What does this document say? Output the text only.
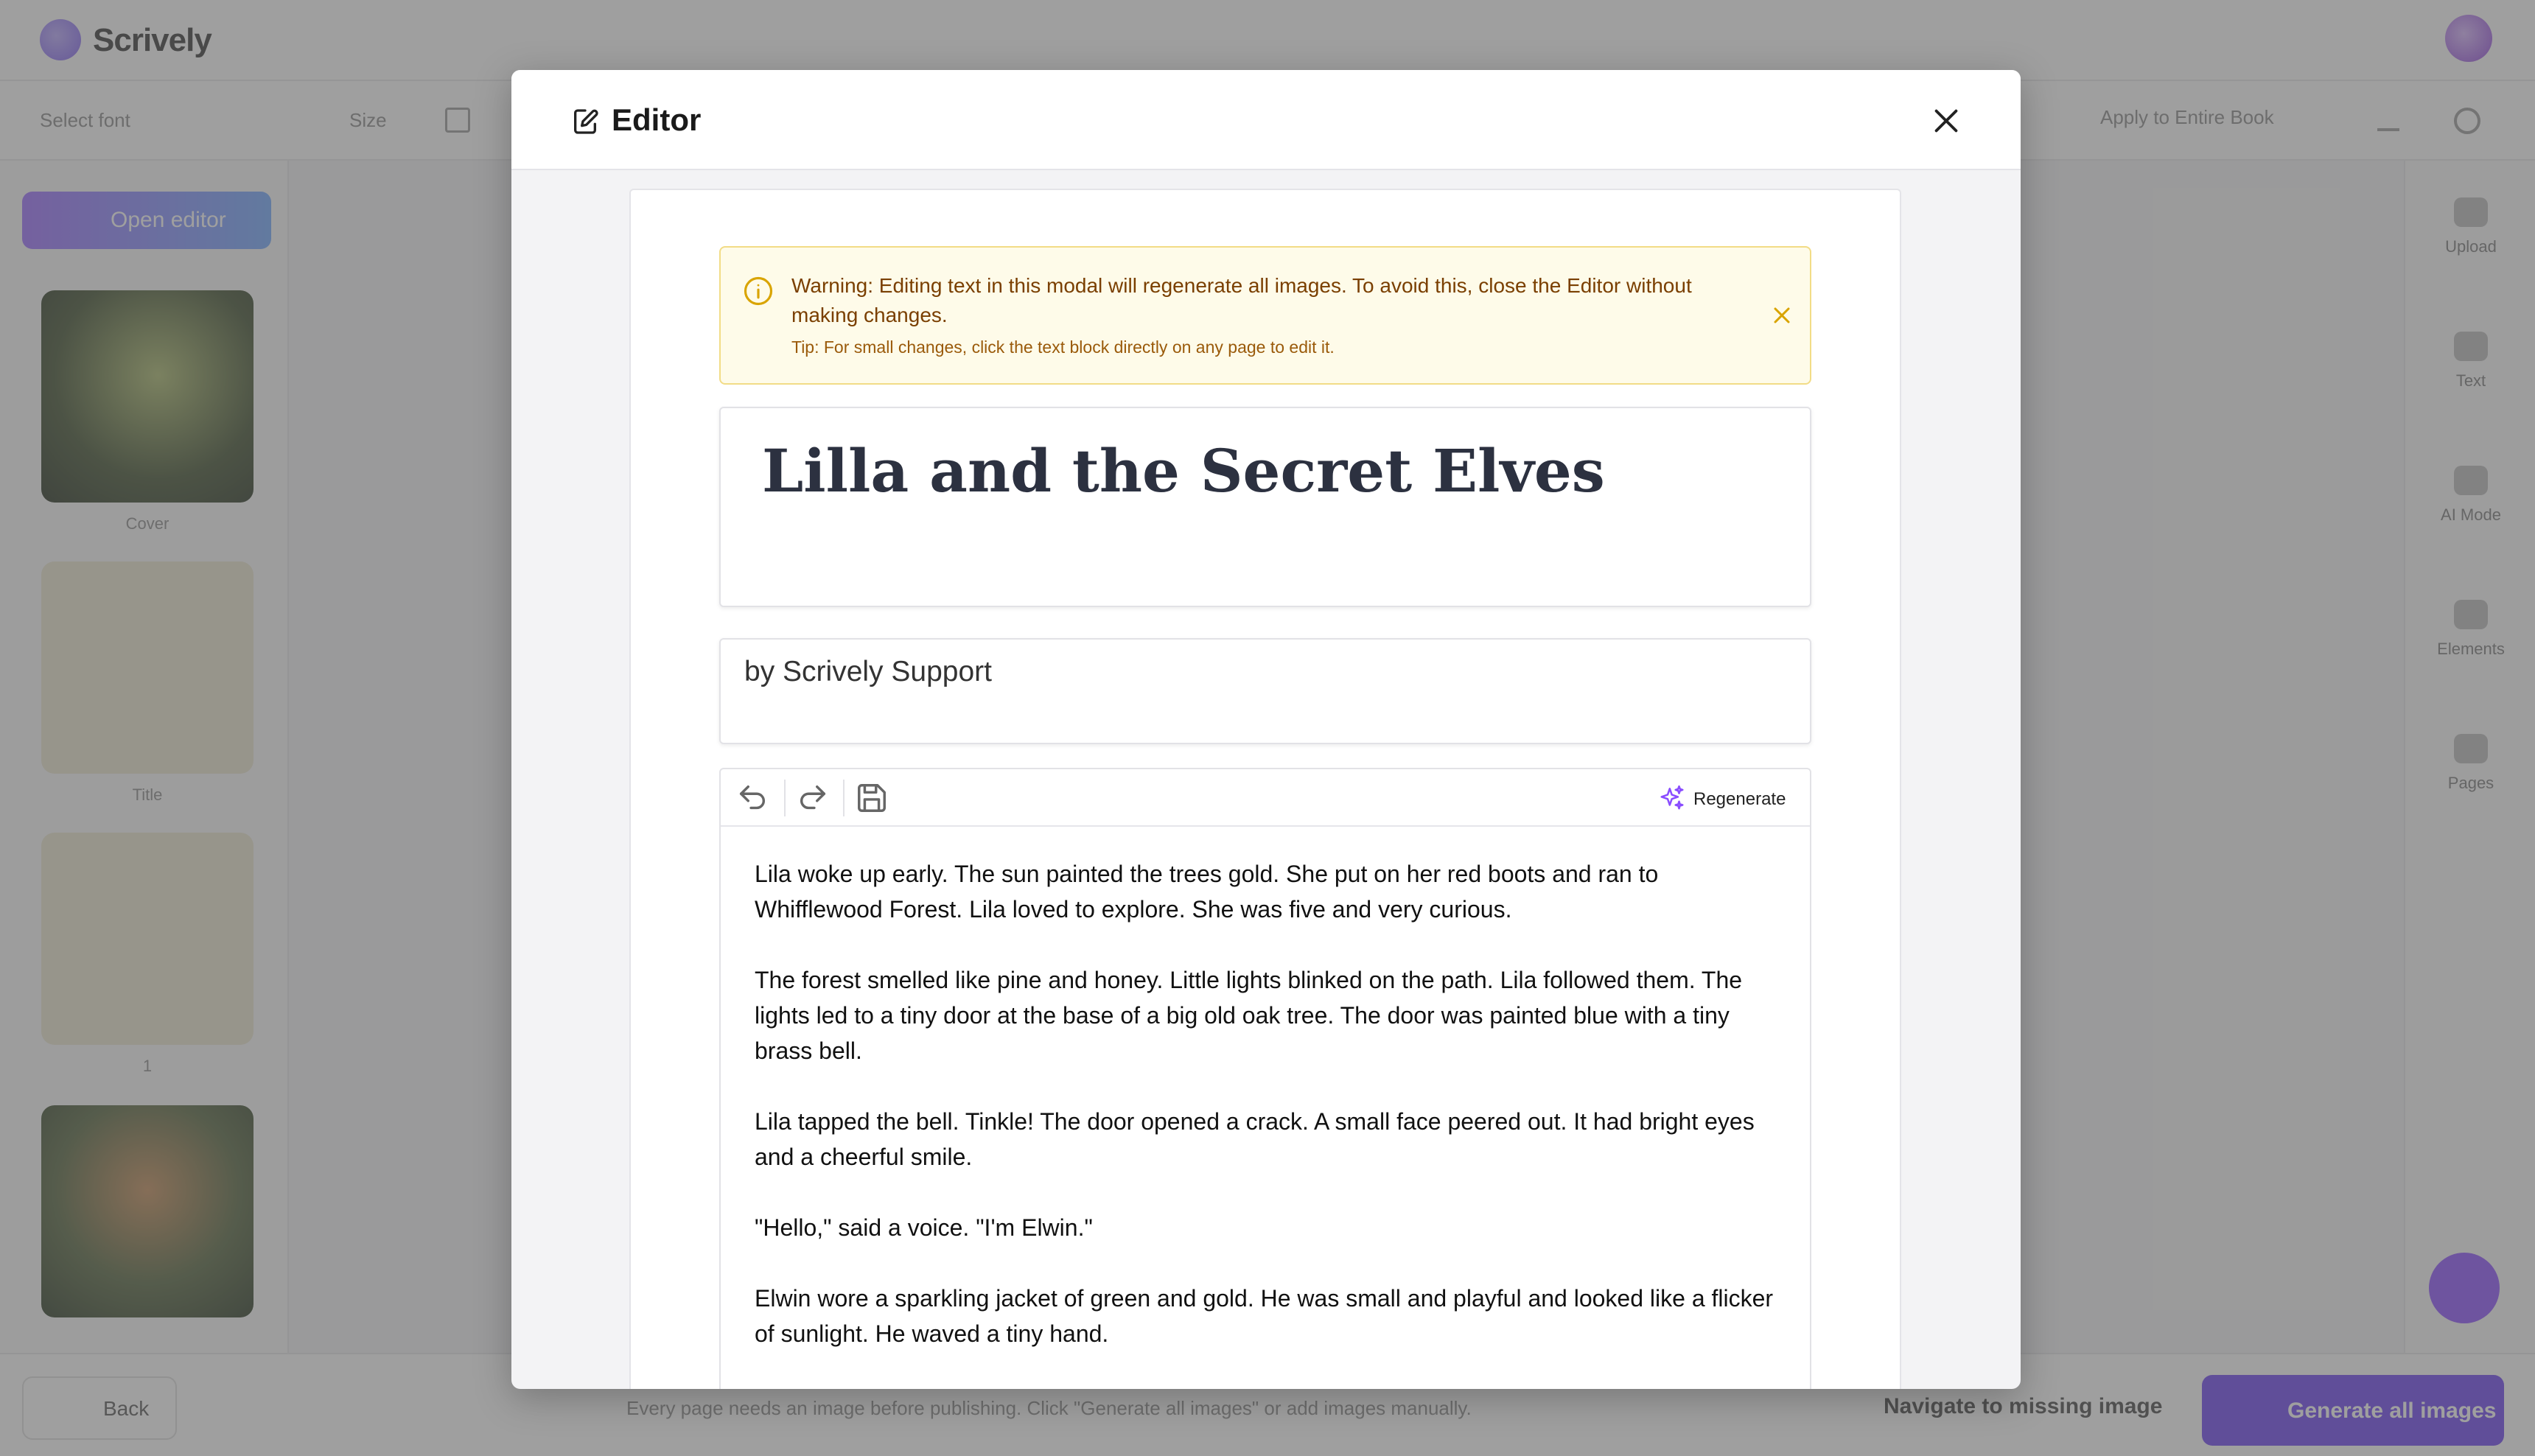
Editor
Warning: Editing text in this modal will regenerate all images. To avoid this, close the Editor without making changes.
Tip: For small changes, click the text block directly on any page to edit it.
Lilla and the Secret Elves
by Scrively Support
Regenerate

Lila woke up early. The sun painted the trees gold. She put on her red boots and ran to Whifflewood Forest. Lila loved to explore. She was five and very curious.

The forest smelled like pine and honey. Little lights blinked on the path. Lila followed them. The lights led to a tiny door at the base of a big old oak tree. The door was painted blue with a tiny brass bell.

Lila tapped the bell. Tinkle! The door opened a crack. A small face peered out. It had bright eyes and a cheerful smile.

"Hello," said a voice. "I'm Elwin."

Elwin wore a sparkling jacket of green and gold. He was small and playful and looked like a flicker of sunlight. He waved a tiny hand.
